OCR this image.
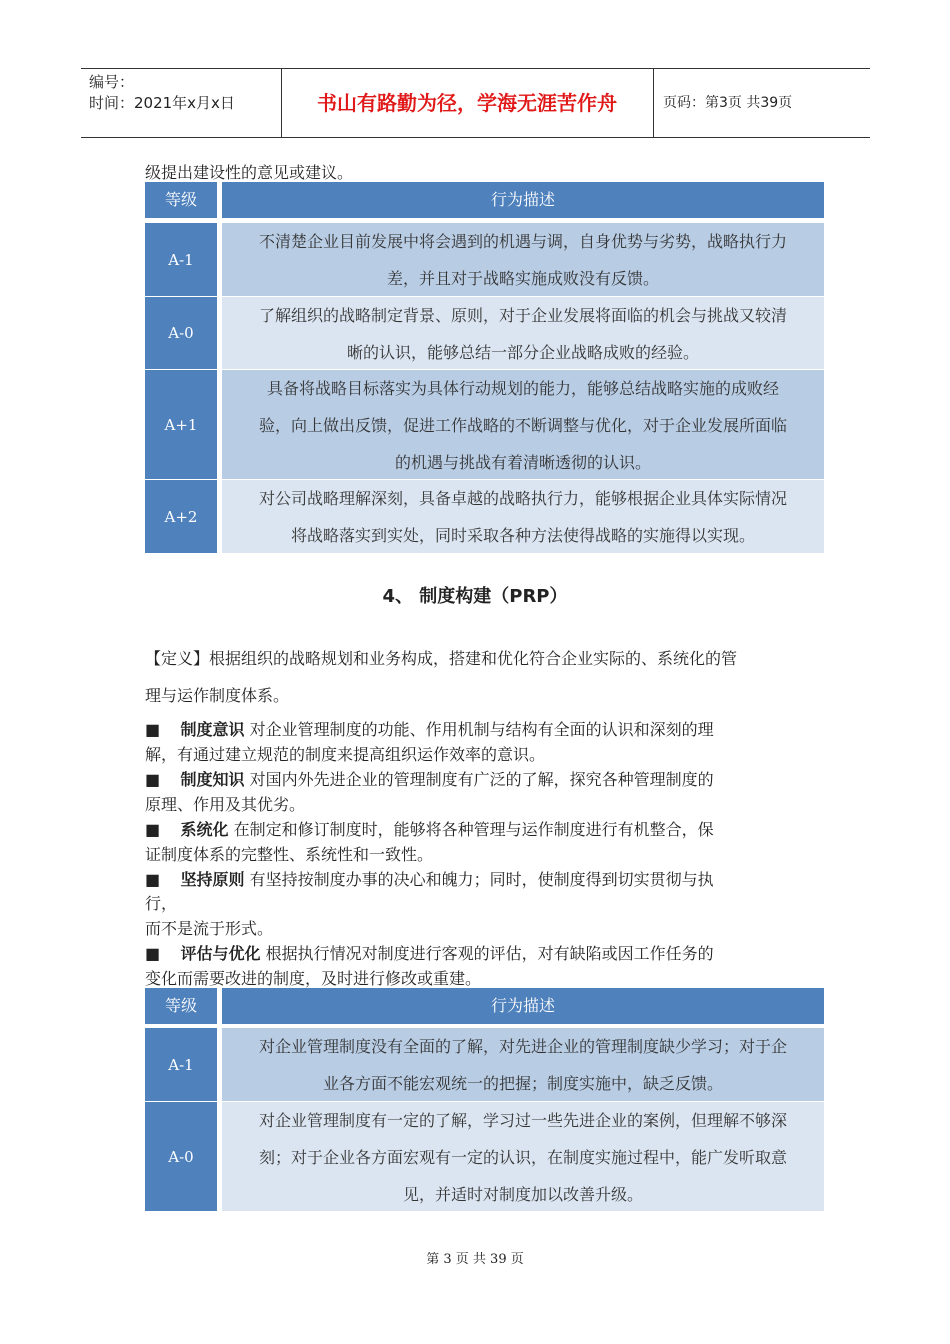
编号：
时间：2021年x月x日	书山有路勤为径，学海无涯苦作舟	页码：第3页 共39页
级提出建设性的意见或建议。
等级	行为描述
A-1
不清楚企业目前发展中将会遇到的机遇与调，自身优势与劣势，战略执行力
差，并且对于战略实施成败没有反馈。
A-0
了解组织的战略制定背景、原则，对于企业发展将面临的机会与挑战又较清
晰的认识，能够总结一部分企业战略成败的经验。
A+1
具备将战略目标落实为具体行动规划的能力，能够总结战略实施的成败经
验，向上做出反馈，促进工作战略的不断调整与优化，对于企业发展所面临
的机遇与挑战有着清晰透彻的认识。
A+2
对公司战略理解深刻，具备卓越的战略执行力，能够根据企业具体实际情况
将战略落实到实处，同时采取各种方法使得战略的实施得以实现。
4、 制度构建（PRP）
【定义】根据组织的战略规划和业务构成，搭建和优化符合企业实际的、系统化的管
理与运作制度体系。
■ 制度意识 对企业管理制度的功能、作用机制与结构有全面的认识和深刻的理
解，有通过建立规范的制度来提高组织运作效率的意识。
■ 制度知识 对国内外先进企业的管理制度有广泛的了解，探究各种管理制度的
原理、作用及其优劣。
■ 系统化 在制定和修订制度时，能够将各种管理与运作制度进行有机整合，保
证制度体系的完整性、系统性和一致性。
■ 坚持原则 有坚持按制度办事的决心和魄力；同时，使制度得到切实贯彻与执
行，
而不是流于形式。
■ 评估与优化 根据执行情况对制度进行客观的评估，对有缺陷或因工作任务的
变化而需要改进的制度，及时进行修改或重建。
等级	行为描述
A-1
对企业管理制度没有全面的了解，对先进企业的管理制度缺少学习；对于企
业各方面不能宏观统一的把握；制度实施中，缺乏反馈。
A-0
对企业管理制度有一定的了解，学习过一些先进企业的案例，但理解不够深
刻；对于企业各方面宏观有一定的认识，在制度实施过程中，能广发听取意
见，并适时对制度加以改善升级。
第 3 页 共 39 页
